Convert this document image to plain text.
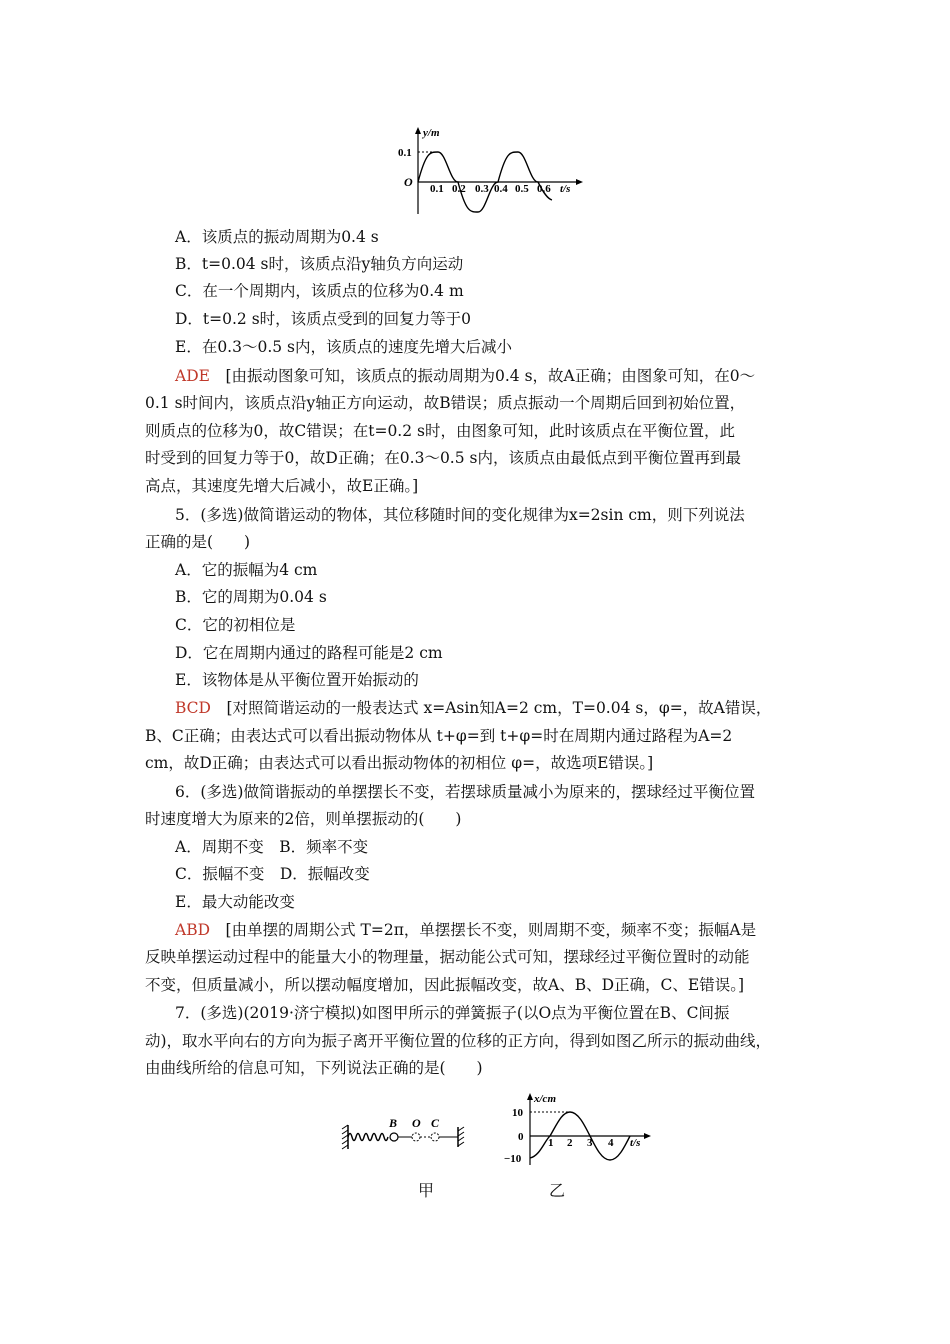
y/m
0.1
O 0.1 0.2 0.3 0.4 0.5 0.6 t/s
A．该质点的振动周期为0.4 s
B．t=0.04 s时，该质点沿y轴负方向运动
C．在一个周期内，该质点的位移为0.4 m
D．t=0.2 s时，该质点受到的回复力等于0
E．在0.3～0.5 s内，该质点的速度先增大后减小
ADE　 [由振动图象可知，该质点的振动周期为0.4 s，故A正确；由图象可知，在0～
0.1 s时间内，该质点沿y轴正方向运动，故B错误；质点振动一个周期后回到初始位置，
则质点的位移为0，故C错误；在t=0.2 s时，由图象可知，此时该质点在平衡位置，此
时受到的回复力等于0，故D正确；在0.3～0.5 s内，该质点由最低点到平衡位置再到最
高点，其速度先增大后减小，故E正确。]
5．(多选)做简谐运动的物体，其位移随时间的变化规律为x=2sin cm，则下列说法
正确的是(　　)
A．它的振幅为4 cm
B．它的周期为0.04 s
C．它的初相位是
D．它在周期内通过的路程可能是2 cm
E．该物体是从平衡位置开始振动的
BCD　 [对照简谐运动的一般表达式 x=Asin知A=2 cm，T=0.04 s，φ=，故A错误，
B、C正确；由表达式可以看出振动物体从 t+φ=到 t+φ=时在周期内通过路程为A=2
cm，故D正确；由表达式可以看出振动物体的初相位 φ=，故选项E错误。]
6．(多选)做简谐振动的单摆摆长不变，若摆球质量减小为原来的，摆球经过平衡位置
时速度增大为原来的2倍，则单摆振动的(　　)
A．周期不变　B．频率不变
C．振幅不变　D．振幅改变
E．最大动能改变
ABD　 [由单摆的周期公式 T=2π，单摆摆长不变，则周期不变，频率不变；振幅A是
反映单摆运动过程中的能量大小的物理量，据动能公式可知，摆球经过平衡位置时的动能
不变，但质量减小，所以摆动幅度增加，因此振幅改变，故A、B、D正确，C、E错误。]
7．(多选)(2019·济宁模拟)如图甲所示的弹簧振子(以O点为平衡位置在B、C间振
动)，取水平向右的方向为振子离开平衡位置的位移的正方向，得到如图乙所示的振动曲线，
由曲线所给的信息可知，下列说法正确的是(　　)
B O C
x/cm
10
0
−10
1 2 3 4 t/s
甲	乙
